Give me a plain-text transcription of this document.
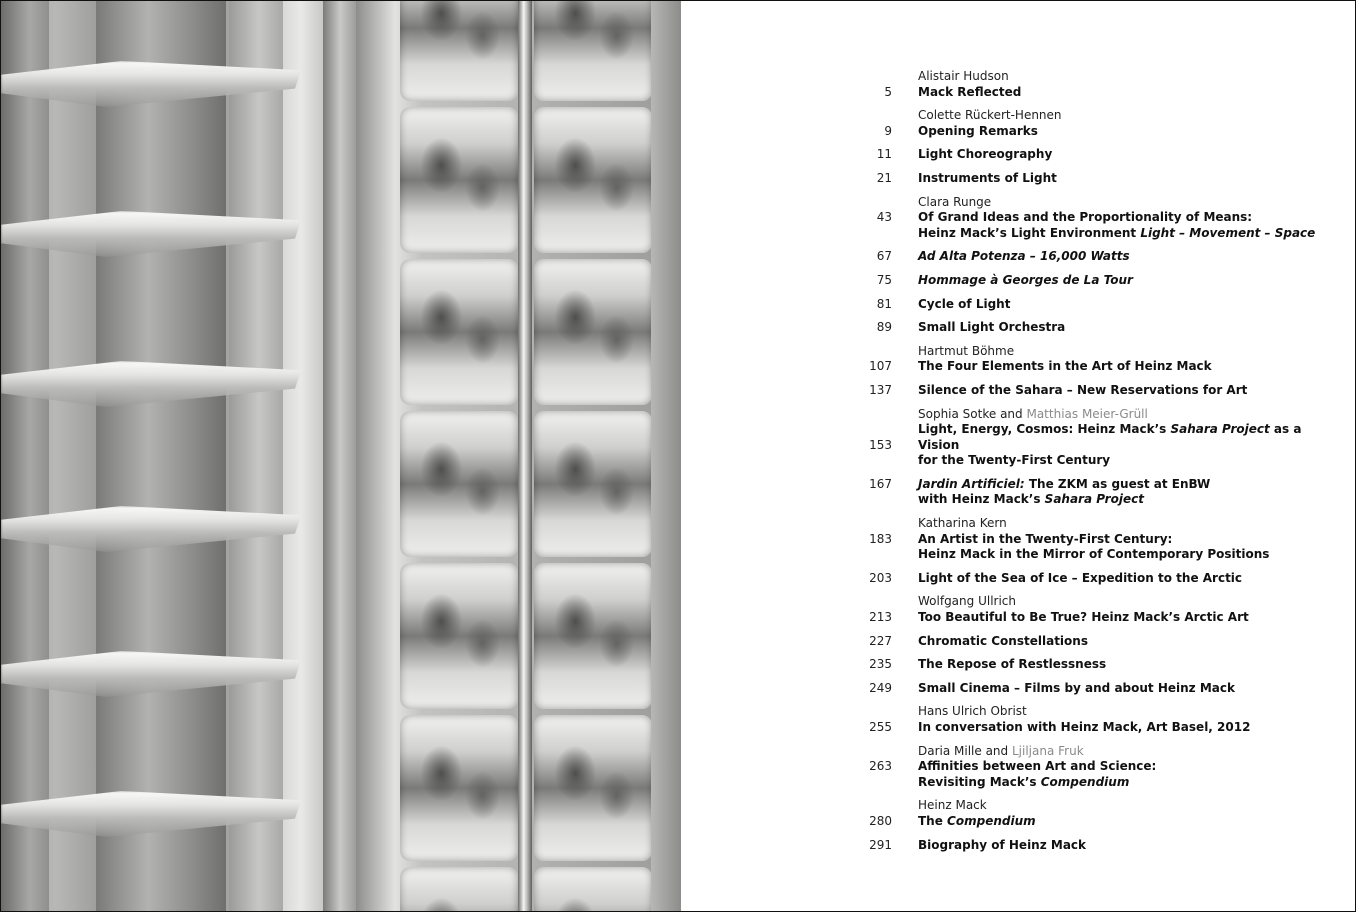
5
Alistair Hudson
Mack Reflected
9
Colette Rückert-Hennen
Opening Remarks
11 Light Choreography
21 Instruments of Light
43
Clara Runge
Of Grand Ideas and the Proportionality of Means:
Heinz Mack’s Light Environment Light – Movement – Space
67 Ad Alta Potenza – 16,000 Watts
75 Hommage à Georges de La Tour
81 Cycle of Light
89 Small Light Orchestra
107
Hartmut Böhme
The Four Elements in the Art of Heinz Mack
137 Silence of the Sahara – New Reservations for Art
153
Sophia Sotke and Matthias Meier-Grüll
Light, Energy, Cosmos: Heinz Mack’s Sahara Project as a Vision
for the Twenty-First Century
167 Jardin Artificiel: The ZKM as guest at EnBW
with Heinz Mack’s Sahara Project
183
Katharina Kern
An Artist in the Twenty-First Century:
Heinz Mack in the Mirror of Contemporary Positions
203 Light of the Sea of Ice – Expedition to the Arctic
213
Wolfgang Ullrich
Too Beautiful to Be True? Heinz Mack’s Arctic Art
227 Chromatic Constellations
235 The Repose of Restlessness
249 Small Cinema – Films by and about Heinz Mack
255
Hans Ulrich Obrist
In conversation with Heinz Mack, Art Basel, 2012
263
Daria Mille and Ljiljana Fruk
Affinities between Art and Science:
Revisiting Mack’s Compendium
280
Heinz Mack
The Compendium
291 Biography of Heinz Mack
